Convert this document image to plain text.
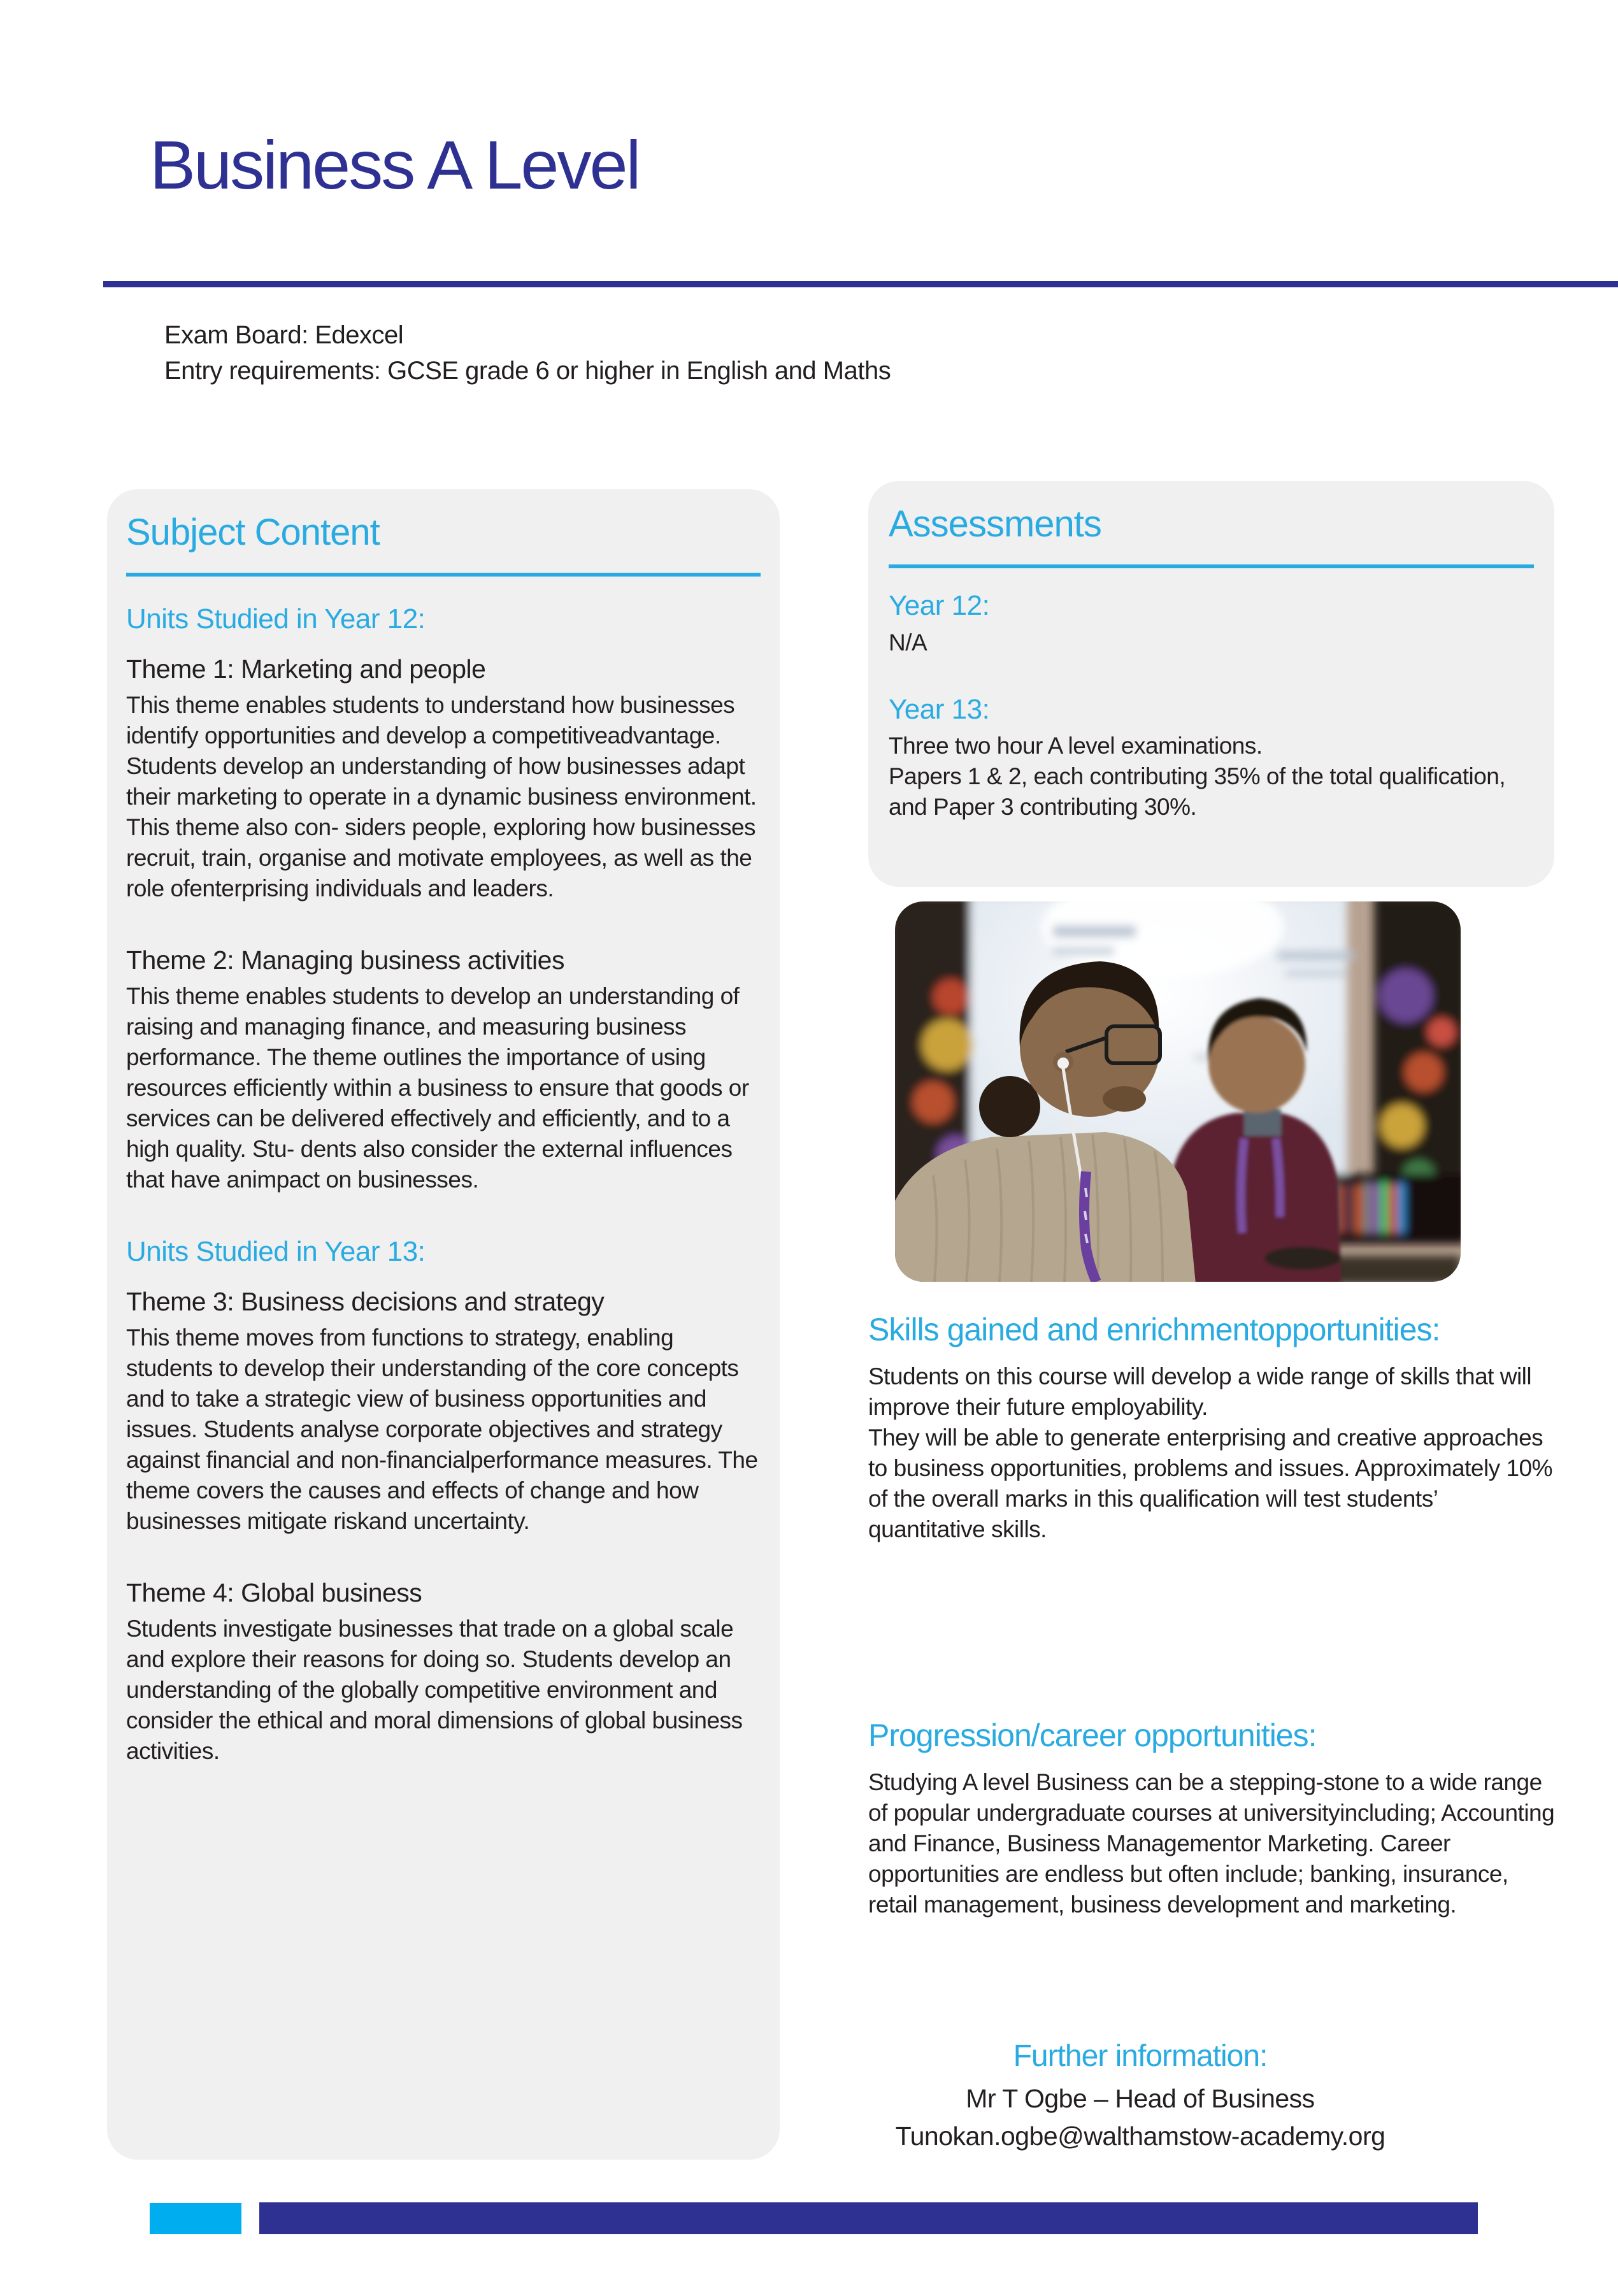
Business A Level
Exam Board: Edexcel
Entry requirements: GCSE grade 6 or higher in English and Maths
Subject Content
Units Studied in Year 12:
Theme 1: Marketing and people
This theme enables students to understand how businesses identify opportunities and develop a competitiveadvantage. Students develop an understanding of how businesses adapt their marketing to operate in a dynamic business environment. This theme also con- siders people, exploring how businesses recruit, train, organise and motivate employees, as well as the role ofenterprising individuals and leaders.
Theme 2: Managing business activities
This theme enables students to develop an understanding of raising and managing finance, and measuring business performance. The theme outlines the importance of using resources efficiently within a business to ensure that goods or services can be delivered effectively and efficiently, and to a high quality. Stu- dents also consider the external influences that have animpact on businesses.
Units Studied in Year 13:
Theme 3: Business decisions and strategy
This theme moves from functions to strategy, enabling students to develop their understanding of the core concepts and to take a strategic view of business opportunities and issues. Students analyse corporate objectives and strategy against financial and non-financialperformance measures. The theme covers the causes and effects of change and how businesses mitigate riskand uncertainty.
Theme 4: Global business
Students investigate businesses that trade on a global scale and explore their reasons for doing so. Students develop an understanding of the globally competitive environment and consider the ethical and moral dimensions of global business activities.
Assessments
Year 12:
N/A
Year 13:
Three two hour A level examinations.
Papers 1 & 2, each contributing 35% of the total qualification, and Paper 3 contributing 30%.
Skills gained and enrichmentopportunities:
Students on this course will develop a wide range of skills that will improve their future employability.
They will be able to generate enterprising and creative approaches to business opportunities, problems and issues. Approximately 10% of the overall marks in this qualification will test students’ quantitative skills.
Progression/career opportunities:
Studying A level Business can be a stepping-stone to a wide range of popular undergraduate courses at universityincluding; Accounting and Finance, Business Managementor Marketing. Career opportunities are endless but often include; banking, insurance, retail management, business development and marketing.
Further information:
Mr T Ogbe – Head of Business
Tunokan.ogbe@walthamstow-academy.org
